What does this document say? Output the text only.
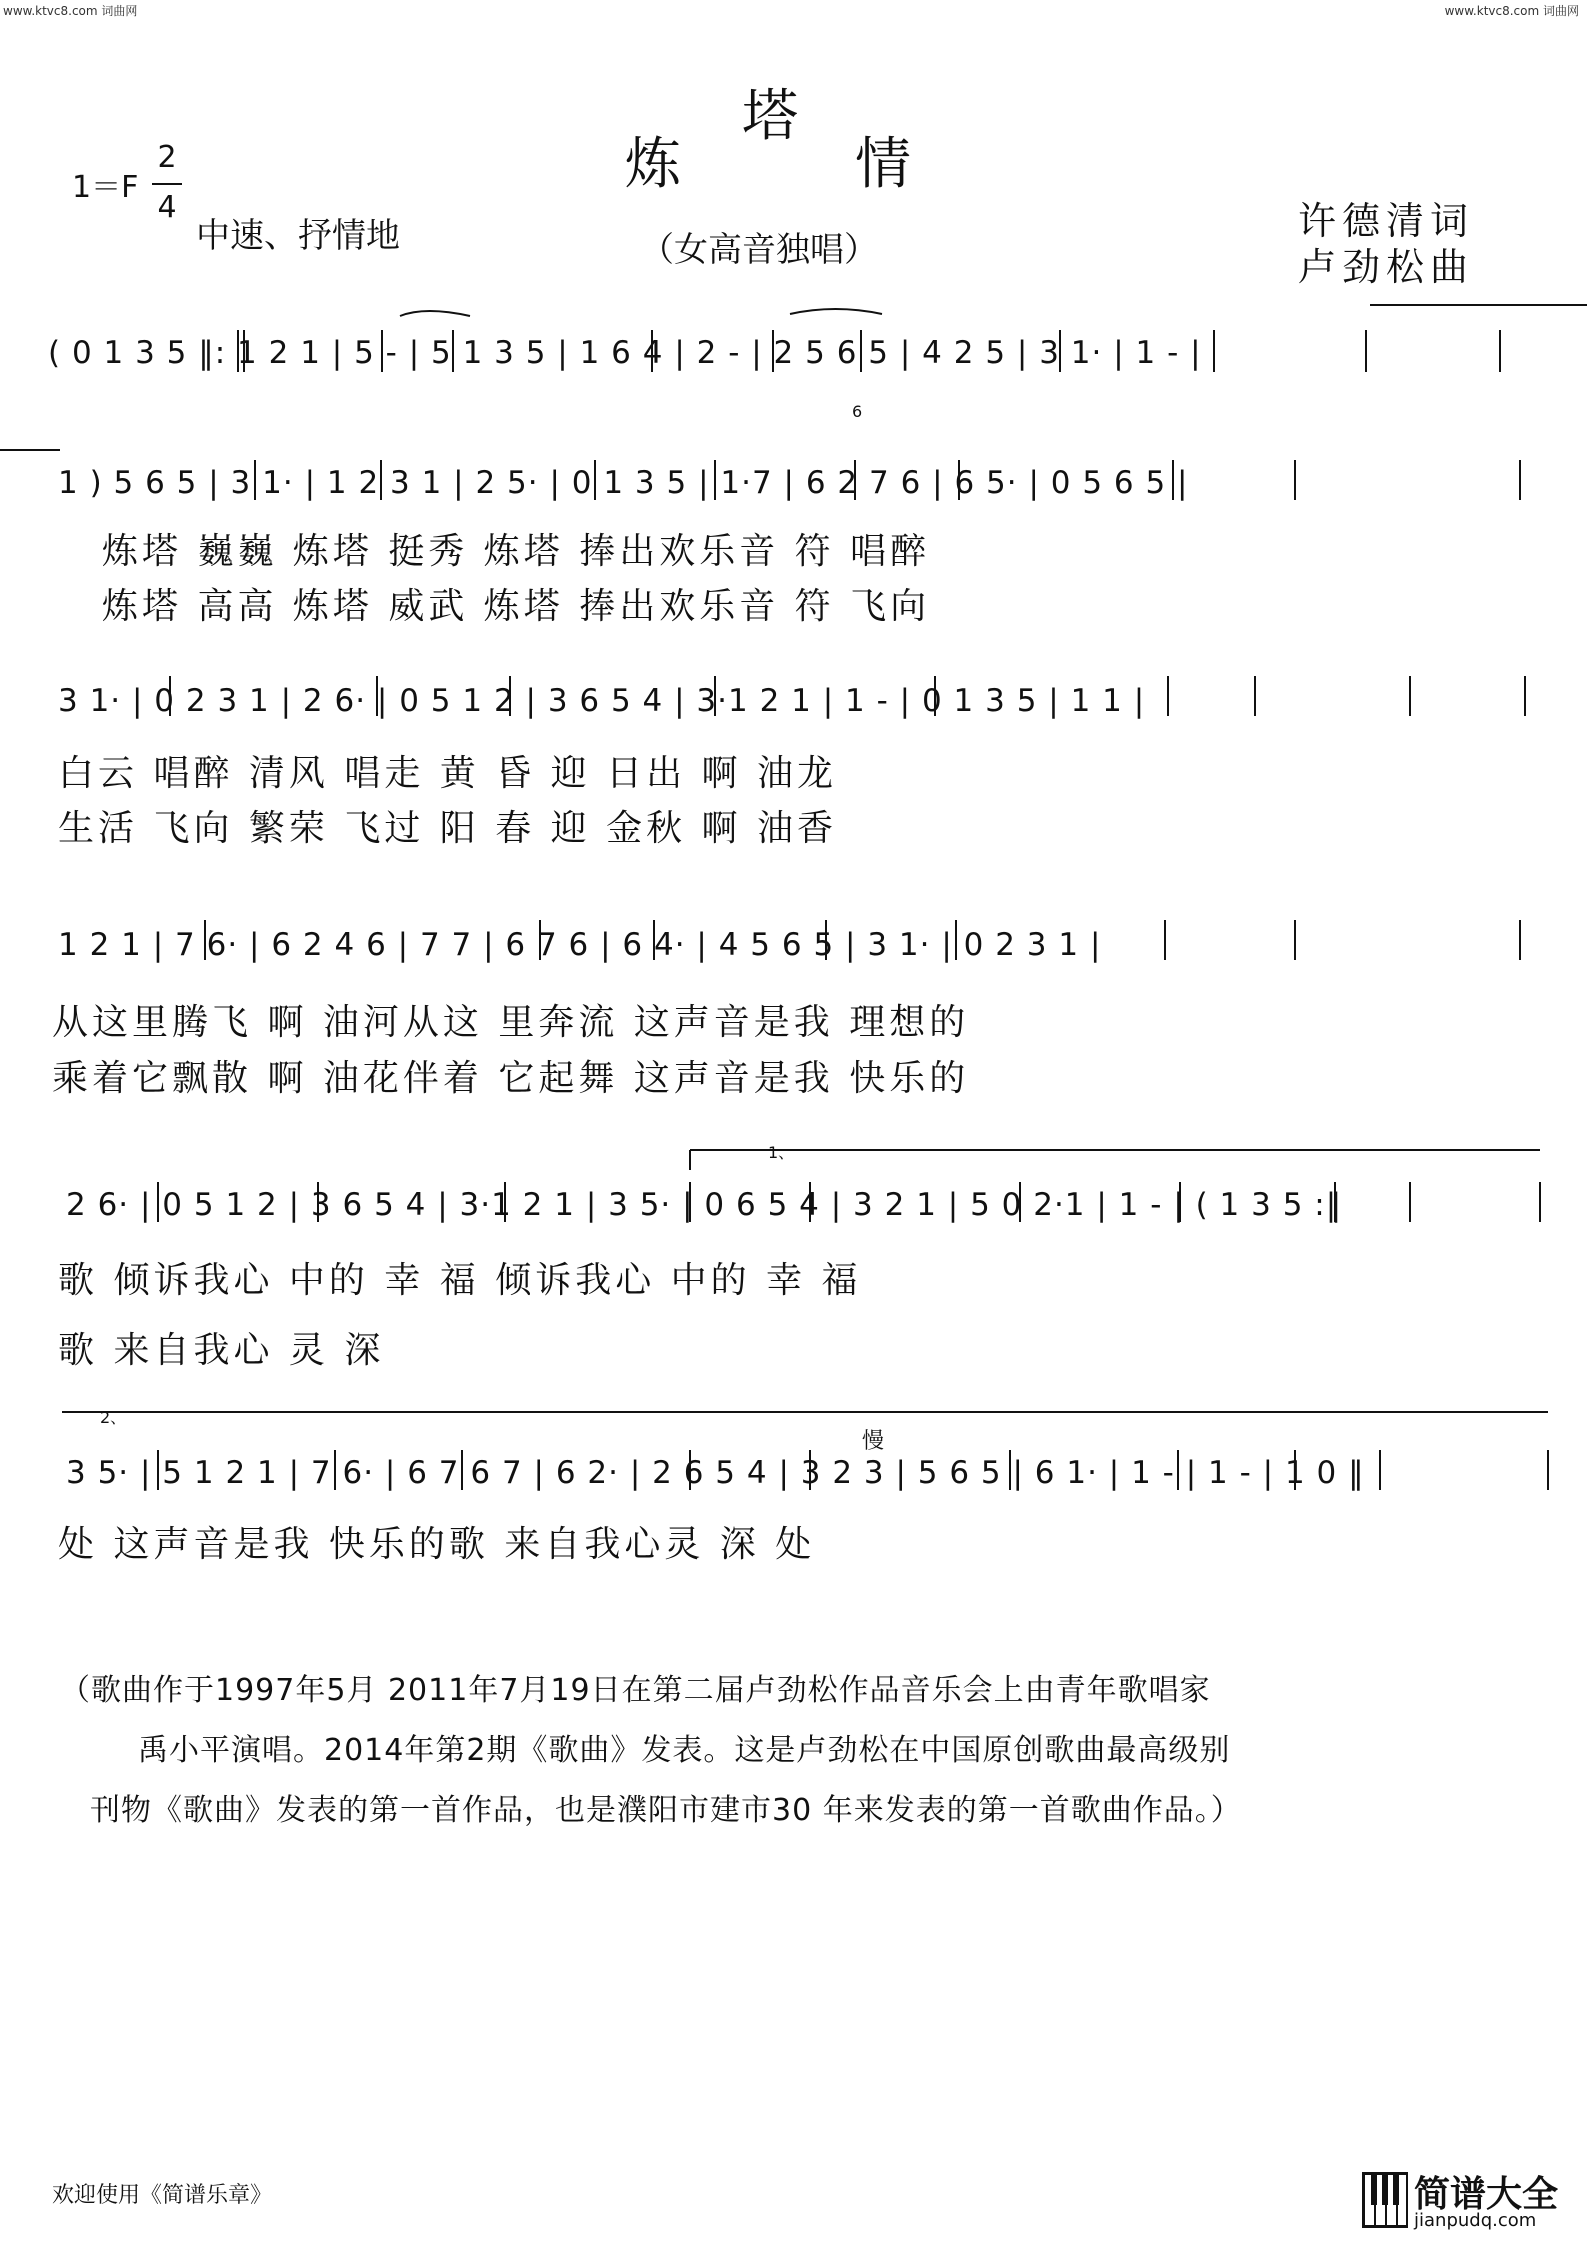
www.ktvc8.com 词曲网	www.ktvc8.com 词曲网
炼
塔
情
1＝F
2
4
中速、抒情地	（女高音独唱）
许德清词
卢劲松曲
1、
2、
6
慢
( 0 1 3 5 ‖: 1 2 1 | 5 - | 5 1 3 5 | 1 6 4 | 2 - | 2 5 6 5 | 4 2 5 | 3 1· | 1 - |
1 ) 5 6 5 | 3 1· | 1 2 3 1 | 2 5· | 0 1 3 5 | 1·7 | 6 2 7 6 | 6 5· | 0 5 6 5 |
炼塔 巍巍 炼塔 挺秀 炼塔 捧出欢乐音 符 唱醉
炼塔 高高 炼塔 威武 炼塔 捧出欢乐音 符 飞向
3 1· | 0 2 3 1 | 2 6· | 0 5 1 2 | 3 6 5 4 | 3·1 2 1 | 1 - | 0 1 3 5 | 1 1 |
白云 唱醉 清风 唱走 黄 昏 迎 日出 啊 油龙
生活 飞向 繁荣 飞过 阳 春 迎 金秋 啊 油香
1 2 1 | 7 6· | 6 2 4 6 | 7 7 | 6 7 6 | 6 4· | 4 5 6 5 | 3 1· | 0 2 3 1 |
从这里腾飞 啊 油河从这 里奔流 这声音是我 理想的
乘着它飘散 啊 油花伴着 它起舞 这声音是我 快乐的
2 6· | 0 5 1 2 | 3 6 5 4 | 3·1 2 1 | 3 5· | 0 6 5 4 | 3 2 1 | 5 0 2·1 | 1 - | ( 1 3 5 :‖
歌 倾诉我心 中的 幸 福 倾诉我心 中的 幸 福
歌 来自我心 灵 深
3 5· | 5 1 2 1 | 7 6· | 6 7 6 7 | 6 2· | 2 6 5 4 | 3 2 3 | 5 6 5 | 6 1· | 1 - | 1 - | 1 0 ‖
处 这声音是我 快乐的歌 来自我心灵 深 处
（歌曲作于1997年5月 2011年7月19日在第二届卢劲松作品音乐会上由青年歌唱家
禹小平演唱。2014年第2期《歌曲》发表。这是卢劲松在中国原创歌曲最高级别
刊物《歌曲》发表的第一首作品，也是濮阳市建市30 年来发表的第一首歌曲作品。）
欢迎使用《简谱乐章》	简谱大全
jianpudq.com
